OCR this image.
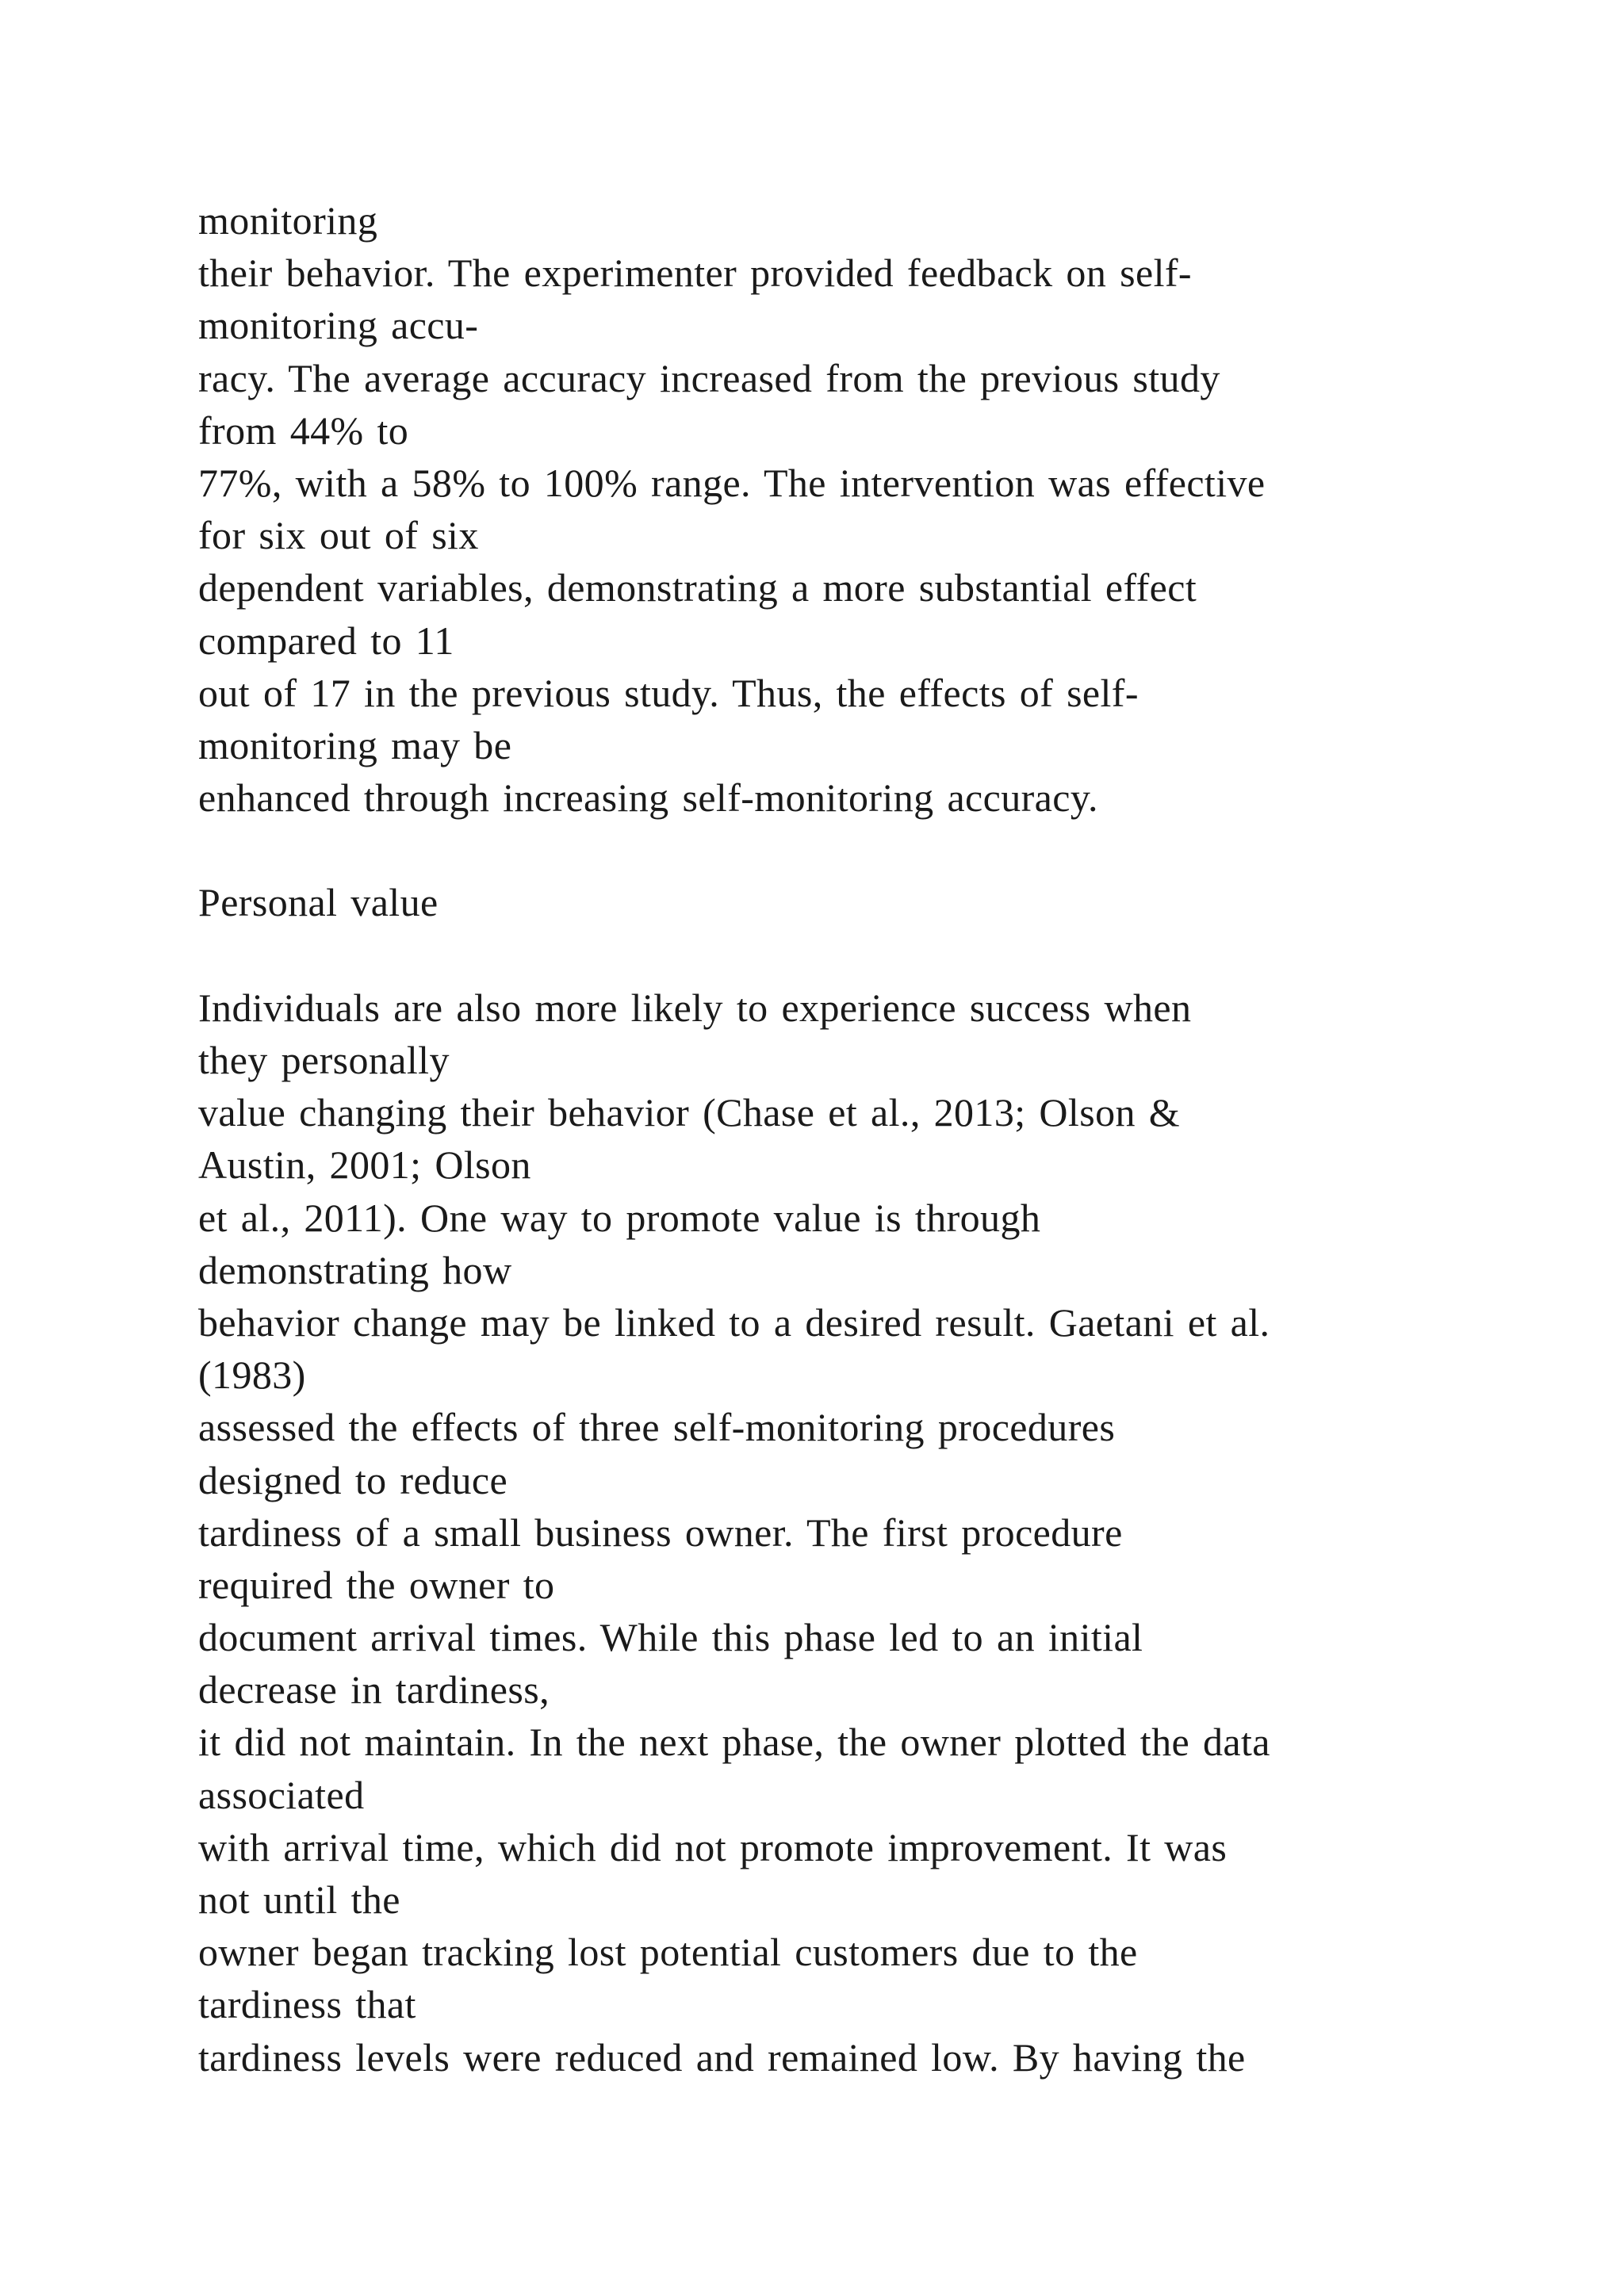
monitoring
their behavior. The experimenter provided feedback on self-
monitoring accu-
racy. The average accuracy increased from the previous study
from 44% to
77%, with a 58% to 100% range. The intervention was effective
for six out of six
dependent variables, demonstrating a more substantial effect
compared to 11
out of 17 in the previous study. Thus, the effects of self-
monitoring may be
enhanced through increasing self-monitoring accuracy.
Personal value
Individuals are also more likely to experience success when
they personally
value changing their behavior (Chase et al., 2013; Olson &
Austin, 2001; Olson
et al., 2011). One way to promote value is through
demonstrating how
behavior change may be linked to a desired result. Gaetani et al.
(1983)
assessed the effects of three self-monitoring procedures
designed to reduce
tardiness of a small business owner. The first procedure
required the owner to
document arrival times. While this phase led to an initial
decrease in tardiness,
it did not maintain. In the next phase, the owner plotted the data
associated
with arrival time, which did not promote improvement. It was
not until the
owner began tracking lost potential customers due to the
tardiness that
tardiness levels were reduced and remained low. By having the
